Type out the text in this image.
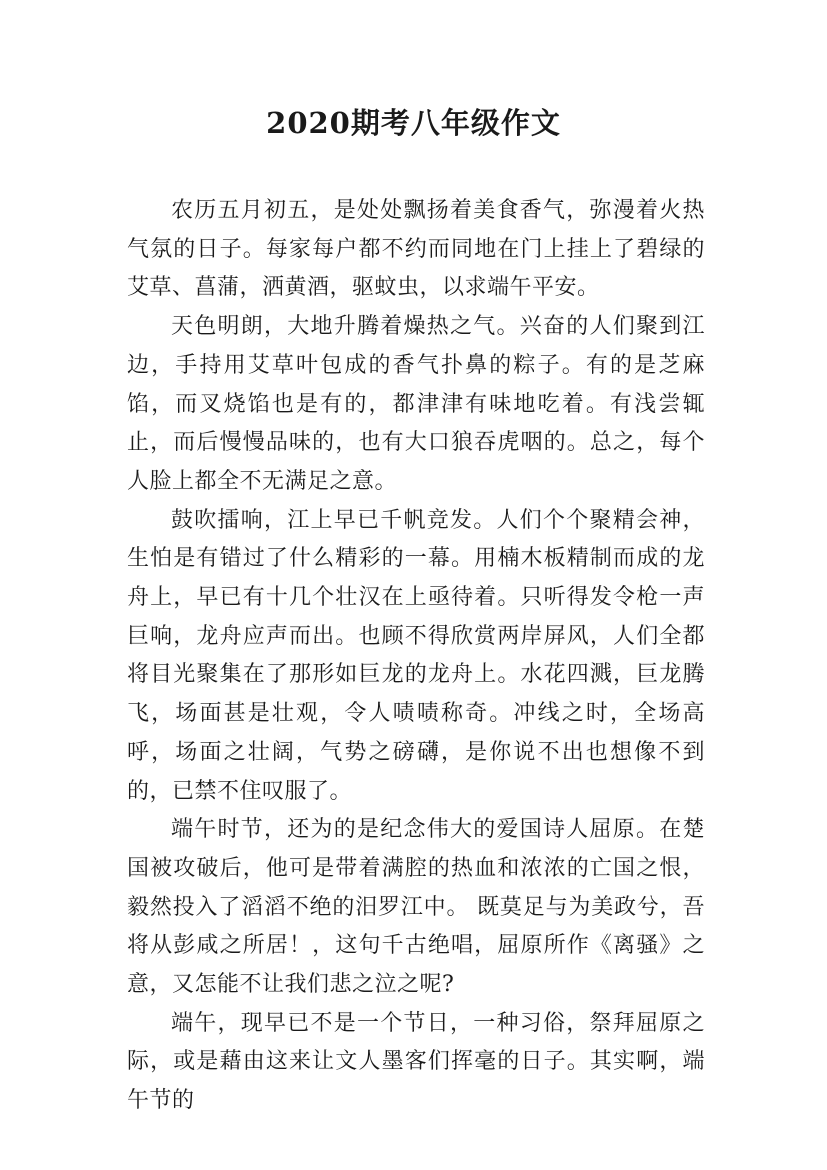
2020期考八年级作文

农历五月初五，是处处飘扬着美食香气，弥漫着火热气氛的日子。每家每户都不约而同地在门上挂上了碧绿的艾草、菖蒲，洒黄酒，驱蚊虫，以求端午平安。

天色明朗，大地升腾着燥热之气。兴奋的人们聚到江边，手持用艾草叶包成的香气扑鼻的粽子。有的是芝麻馅，而叉烧馅也是有的，都津津有味地吃着。有浅尝辄止，而后慢慢品味的，也有大口狼吞虎咽的。总之，每个人脸上都全不无满足之意。

鼓吹擂响，江上早已千帆竞发。人们个个聚精会神，生怕是有错过了什么精彩的一幕。用楠木板精制而成的龙舟上，早已有十几个壮汉在上亟待着。只听得发令枪一声巨响，龙舟应声而出。也顾不得欣赏两岸屏风，人们全都将目光聚集在了那形如巨龙的龙舟上。水花四溅，巨龙腾飞，场面甚是壮观，令人啧啧称奇。冲线之时，全场高呼，场面之壮阔，气势之磅礴，是你说不出也想像不到的，已禁不住叹服了。

端午时节，还为的是纪念伟大的爱国诗人屈原。在楚国被攻破后，他可是带着满腔的热血和浓浓的亡国之恨，毅然投入了滔滔不绝的汨罗江中。 既莫足与为美政兮，吾将从彭咸之所居！，这句千古绝唱，屈原所作《离骚》之意，又怎能不让我们悲之泣之呢?

端午，现早已不是一个节日，一种习俗，祭拜屈原之际，或是藉由这来让文人墨客们挥毫的日子。其实啊，端午节的
